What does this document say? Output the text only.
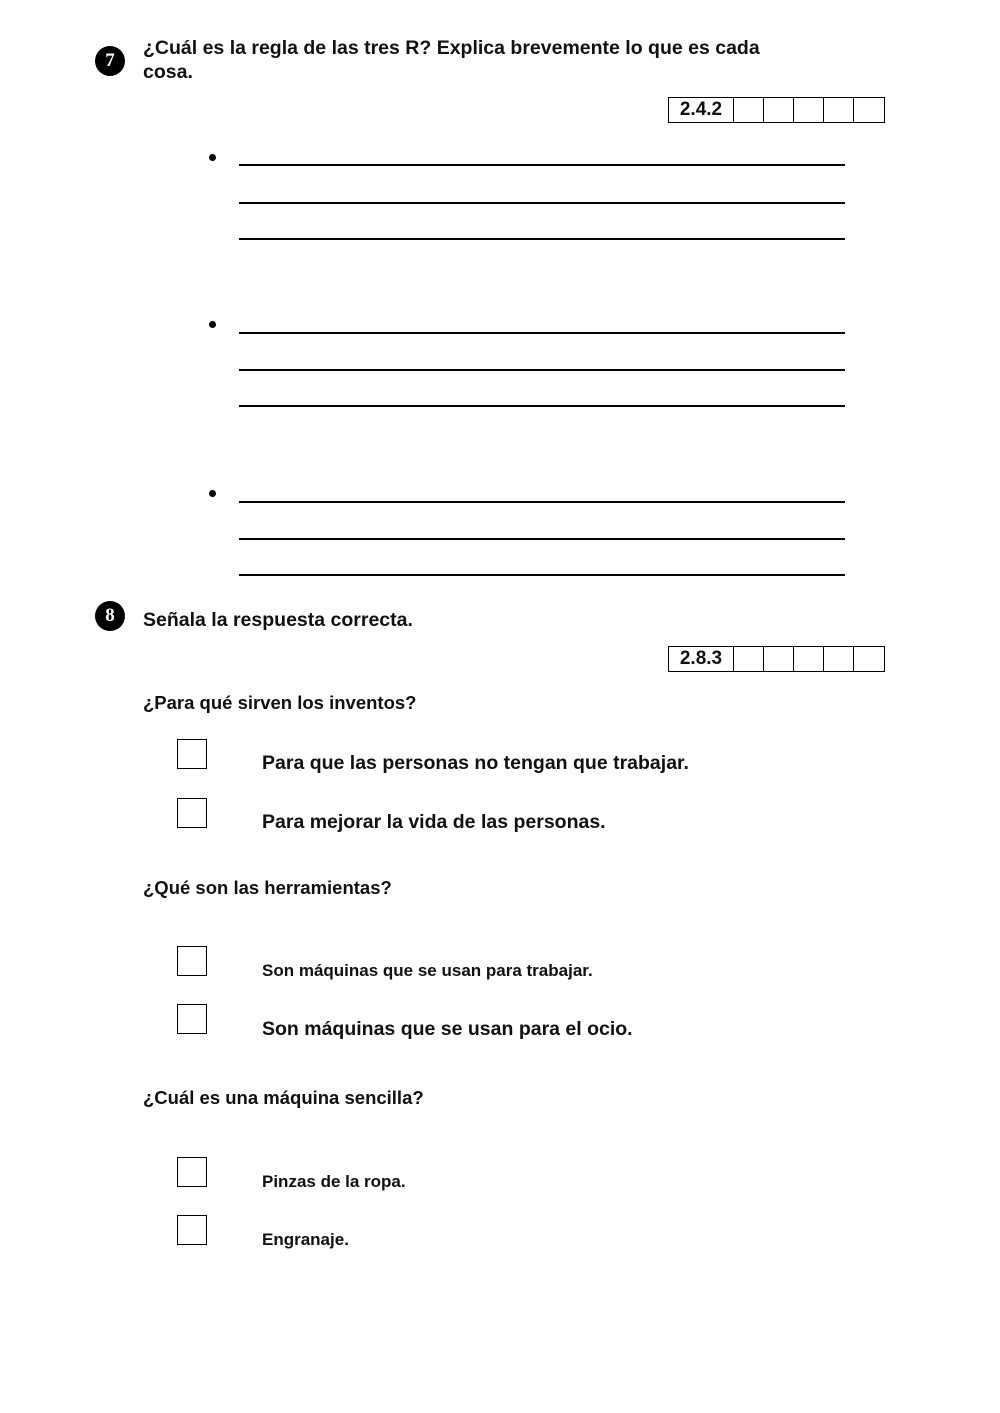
7
¿Cuál es la regla de las tres R? Explica brevemente lo que es cada
cosa.
2.4.2
8	Señala la respuesta correcta.
2.8.3
¿Para qué sirven los inventos?
Para que las personas no tengan que trabajar.
Para mejorar la vida de las personas.
¿Qué son las herramientas?
Son máquinas que se usan para trabajar.
Son máquinas que se usan para el ocio.
¿Cuál es una máquina sencilla?
Pinzas de la ropa.
Engranaje.
